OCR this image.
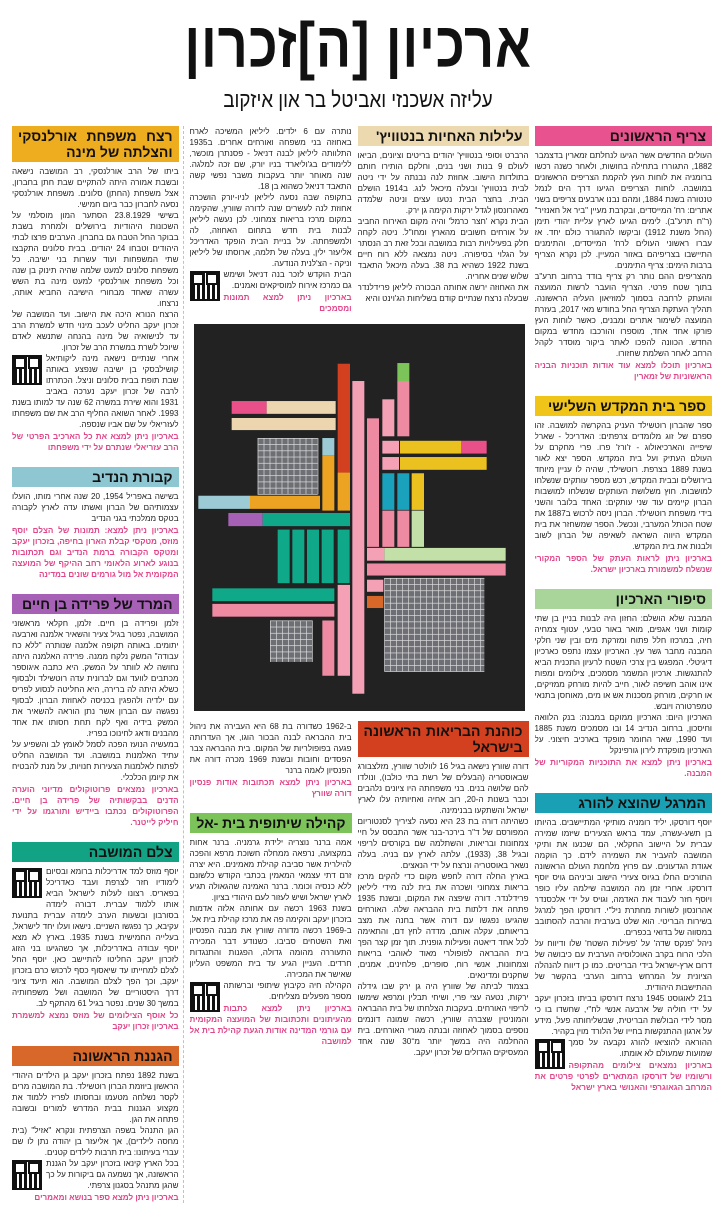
ארכיון [ה]זכרון
עליזה אשכנזי ואביטל בר און איזקוב
צריף הראשונים

העולים החדשים אשר הגיעו לנחלתם זמארין בדצמבר 1882, התגוררו בתחילה בחושות, ולאחר כשנה רכשו ברומניה את לוחות העץ להקמת הצריפים הראשונים במושבה. לוחות הצריפים הגיעו דרך הים לנמל טנטורה בשנת 1884, ומהם נבנו ארבעים צריפים בשני אתרים: רח' המייסדים, ובקרבת מעיין "ביר אל חאנזיר" (ר"ח תרע"ב). לימים הגיעו לארץ עליית יהודי תימן (החל משנת 1912) וביקשו להתגורר כולם יחד. אז עברו ראשוני העולים לרח' המייסדים, והתימנים התיישבו בצריפיהם באזור המעיין. לכן נקרא הצריף ברבות הימים: צריף התימנים.

מהצריפים ההם נותר רק צריף בודד ברחוב תרע"ב בתוך שטח פרטי. הצריף הועבר לרשות המועצה והועתק לרחבה בסמוך למוזיאון העליה הראשונה. תהליך העתקת הצריף החל בחודש מאי 2017, בעזרת המועצה לשימור אתרים ומבנים, כאשר לוחות העץ פורקו אחד אחד, מוספרו והורכבו מחדש במקום החדש. הכוונה להפכו לאתר ביקור מוסדר לקהל הרחב לאחר השלמת שחזורו.

בארכיון תוכלו למצא עוד אודות תוכניות הבניה הראשוניות של זמארין

ספר בית המקדש השלישי

ספר שהברון רוטשילד העניק בהקרשה למושבה. זהו ספרם של זוג מלומדים צרפתים: האדריכל - שארל שיפייה והארכיאולוג - ז'ורז' פרו. פרי מחקרם על העולם העתיק ועל בית המקדש. הספר יצא לאור בשנת 1889 בצרפת. רוטשילד, שהיה לו עניין מיוחד בירושלים ובבית המקדש, רכש מספר עותקים שנשלחו למושבות. חוץ משלושת העותקים שנשלחו למושבות הברון קיימים עוד שני עותקים: האחד בלובר והשני בידי משפחת רוטשילד. הברון ניסה לרכוש ב1887 את שטח הכותל המערבי, ונכשל. הספר שמשחזר את בית המקדש היווה השראה לשאיפה של הברון לשוב ולבנות את בית המקדש.

בארכיון ניתן לראות העתק של הספר המקורי שנשלח למשמורת בארכיון ישראל.

סיפורי הארכיון

המבנה שלא הושלם: החזון היה לבנות בניין בן שתי קומות ושני אגפים, מואר באור טבעי, עטוף צמחיה חיה, במרכזו חלל פתוח ומזרקת מים ובין שני חלקי המבנה מחבר גשר עץ. הארכיון עצמו נתפס כארכיון דיגיטלי. המפגש בין צרכי השטח לרעיון התכנית הביא להתנגשות. ארכיון המשמר מסמכים, צילומים ומפות אינו אוהב חשיפה לאור, חייב להיות מורחק ממזיקים, או חרקים, מורחק מסכנות אש או מים, מאוחסן בתנאי טמפרטורה ויובש.

הארכיון היום: הארכיון ממוקם במבנה: בנק הלוואה וחיסכון, ברחוב הנדיב 14 ובו מסמכים משנת 1885 ועד 1990, שאר החומר מופקד בארכיב חיצוני. על הארכיון מופקדת לירון גורפינקל

בארכיון ניתן למצא את התוכניות המקוריות של המבנה.

המרגל שהוצא להורג

יוסף דורסקו, יליד רומניה מותיקי המתיישבים. בהיותו בן תשע-עשרה, עמד בראש הצעירים שיזמו שמירה עברית על היישוב החקלאי, הם שכנעו את ותיקי המושבה להעביר את השמירה לידם. כך הוקמה אגודת הגדעונים. עם פרוץ מלחמת העולם הראשונה התורכים החלו בגיוס צעירי הישוב וביניהם גויס יוסף דורסקו. אחרי זמן מה המושבה שילמה עליו כופר ויוסף חזר לעבוד את האדמה, וגויס על ידי אלכסנדר אהרונסון לשורות מחתרת ניל"י. דורסקו הפך למרגל בשירות הבריטי. הוא שלט בערבית והרבה להסתובב במסווה של בדואי בכפרים.

ניהל 'פנקס שדה' על 'פעילות השטח' שלו ודיווח על הלכי הרוח בקרב האוכלוסיה הערבית עם כיבושה של דרום ארץ-ישראל בידי הבריטים. כמו כן דיווח להנהלה הציונית על המרחש ברחוב הערבי בהקשר של ההתישבות היהודית.

ב21 לאוגוסט 1945 נרצח דורסקו בביתו בזכרון יעקב על ידי חוליה של ארבעה אנשי לח"י, שחשדו בו כי מסר לידי הבולשת הבריטית, שבשליחותה פעל, מידע על ארגון ההתנקשות בחייו של הלורד מוין בקהיר.

ההוראה להוציאו להורג נקבעה על סמך שמועות שמעולם לא אומתו.

בארכיון נמצאים צילומים מהתקופה ורשומיו של דורסקו המתארים לפרטי פרטים את המרחב הגאוגרפי והאנושי בארץ ישראל

עלילות האחיות בנטוויץ'

הרברט וסופי בנטוויץ' יהודים בריטים וציונים, הביאו לעולם 9 בנות ושני בנים, וחלקם הותירו חותם בתולדות הישוב. אחוזת לנה נבנתה על ידי ניטה לבית בנטוויץ' ובעלה מיכאל לנג. ב1914 הושלם הבית. בחצר הבית נטעו עצים וניטה שלמדה מאהרונסון לגדל ירקות הקימה גן ירק.

הבית נקרא 'חצר כרמל' והיה מקום האירוח החביב על אורחים חשובים מהארץ ומחו"ל. ניטה לקחה חלק בפעילויות רבות במושבה ובכל זאת רב הנסתר על הגלוי בסיפורה. ניטה נמצאה ללא רוח חיים בשנת 1922 כשהיא בת 38. בעלה מיכאל התאבד שלוש שנים אחריה.

את האחוזה ירשה אחותה הבכורה ליליאן פרידלנדר שבעלה נרצח שנתיים קודם בשליחות הג'וינט והיא

נותרה עם 6 ילדים. ליליאן המשיכה לארח באחוזה בני משפחה ואורחים אחרים. ב1935 התלוותה ליליאן לבנה דניאל - פסנתרן מוכשר, ללימודים בג'וליארד בניו יורק, שם זכה למלגה. שנה מאוחר יותר בעקבות משבר נפשי קשה התאבד דניאל כשהוא בן 18.

בתקופה שבה נסעה ליליאן לניו-יורק הושכרה אחוזת לנה לעשרים שנה לדורה שוורץ, שהקימה במקום מרכז בריאות צמחוני. לכן נעשה ליליאן לבנות בית חדש בתחום האחוזה, לה ולמשפחתה. על בניית הבית הופקד האדריכל אליעזר ילין, בעלה של תלמה, ארוסתו של ליליאן וניקה - הצ'לנית הנודעה.

הבית הוקדש לזכר בנה דניאל ושימש גם כמרכז אירוח למוסיקאים ואמנים.

בארכיון ניתן למצא תמונות ומסמכים

כוהנת הבריאות הראשונה בישראל

דורה שוורץ נישאה בגיל 16 לוולטר שוורץ, מזלצבורג שבאוסטריה (הבעלים של רשת בתי כולבו), ונולדו להם שלושה בנים. בני משפחתה היו ציונים נלהבים וכבר בשנות ה-20, רוב אחיה ואחיותיה עלו לארץ ישראל והשתקעו בבנימינה.

כשהיתה דורה בת 23 היא נסעה לציריך לסנטוריום המפורסם של ד"ר בירכר-בנר אשר התבסס על חיי צמחונות ובריאות, והשתלמה שם בקורסים לריפוי ובגיל 38, (1933), עלתה לארץ עם בניה. בעלה נשאר באוסטריה ונרצח על ידי הנאצים.

בארץ החלה דורה לחפש מקום כדי להקים מרכז בריאות צמחוני ושכרה את בית לנה מידי ליליאן פרידלנדר. דורה שיפצה את המקום, ובשנת 1935 פתחה את דלתות בית ההבראה שלה. האורחים שהגיעו נפגשו עם דורה אשר בחנה את מצב בריאותם, עקלה אותם, מדדה לחץ דם, והתאימה לכל אחד דיאטה ופעילות גופנית. תוך זמן קצר הפך בית ההבראה לפופולרי מאוד לאוהבי בריאות וצמחונות, אנשי רוח, סופרים, פלחינים, אמנים, שחקנים ומדינאים.

בצמוד לביתה של שוורץ היה גן ירק שבו גידלה ירקות, נטעה עצי פרי, ושיחי תבלין ומרפא שימשו לריפוי האורחים. בעקבות הצלחתו של בית ההבראה והמוניטין שצברה שוורץ, רכשה שמונה דונמים נוספים בסמוך לאחוזה ובנתה מגורי האורחים. בית ההחלמה היה במשך יותר מ־30 שנה אחד המעסיקים הגדולים של זכרון יעקב.

ב-1962 כשדורה בת 68 היא העבירה את ניהול בית ההבראה לבנה הבכור הוגו, אך העדרותה פגעה בפופולריות של המקום. בית ההבראה צבר הפסדים וחובות ובשנת 1969 מכרה דורה את הפנסיון לאמה ברנר

בארכיון ניתן למצא תכתובות אודות פנסיון דורה שוורץ

קהילה שיתופית בית -אל

אמה ברנר נוצריה ילידת גרמניה. ברנר אחות במקצועה, נרפאה ממחלה חשוכת מרפא והפכה להילרית אשר סביבה קהילת מאמינים. היא יצרה זרם דתי עצמאי המאמין בכתבי הקודש כלשונם ללא כנסיה וכומר. ברנר האמינה שהגאולה תגיע לארץ ישראל ושיש לעזור לעם היהודי בציון.

בשנת 1963 רכשה עם אחותה אלזה אדמות בזכרון יעקב והקימה פה את מרכז קהילת בית אל.

ב-1969 רכשה מדורה שוורץ את מבנה הפנסיון ואת השטחים סביבו. כשנודע דבר המכירה התעוררה מהומה גדולה, הפגנות והתנגדות חרדים. העניין הגיע עד בית המשפט העליון שאישר את המכירה.

הקהילה חיה כקיבוץ שיתופי וברשותה מספר מפעלים מצליחים.

בארכיון ניתן למצא כתבות מהעיתונים ותכתובות של המועצה המקומית עם גורמי המדינה אודות הגעת קהילת בית אל למושבה

רצח משפחת אורלנסקי והצלתה של מינה

ביתו של הרב אורלנסקי, רב המושבה נישאה ובשבת אמורה היתה להתקיים שבת חתן בחברון, אצל משפחת (החתן) סלונים. משפחת אורלנסקי נסעה לחברון כבר ביום חמישי.

בשישי 23.8.1929 הסתער המון מוסלמי על השכונות היהודיות בירושלים ולמחרת בשבת בבוקר החל הטבח גם בחברון. הערבים פרצו לבתי היהודים וטבחו 24 יהודים. בבית סלונים התקבצו שתי המשפחות ועוד עשרות בני ישיבה. כל משפחת סלונים למעט שלמה שהיה תינוק בן שנה וכל משפחת אורלנסקי למעט מינה בת השש עשרה שאחד מבחורי הישיבה החביא אותה, נרצחו.

הרצח הנורא היכה את הישוב. ועד המושבה של זכרון יעקב החליט לעכב מינוי חדש למשרת הרב עד לנישואיה של מינה בהנחה שתנשא לאדם שיוכל לשרת במשרת הרב של זכרון.

אחרי שנתיים נישאה מינה ליקותיאל קושילבסקי בן ישיבה שנפצע באותה שבת תופת בבית סלונים וניצל. הכתרתו לרבה של זכרון יעקב נערכה באביב 1931 והוא שירת במשרה 62 שנה עד למותו בשנת 1993. לאחר השואה החליף הרב את שם משפחתו לעזריאלי על שם אביו שנספה.

בארכיון ניתן למצא את כל הארכיב הפרטי של הרב עזריאלי שנתרם על ידי משפחתו

קבורת הנדיב

בשישה באפריל 1954, 20 שנה אחרי מותו, הועלו עצמותיהם של הברון ואשתו עדה לארץ לקבורה בטקס ממלכתי בגני הנדיב

בארכיון ניתן למצא: תמונות של הצלם יוסף מוזס, מטקסי קבלת הארון בחיפה, בזכרון יעקב ומטקס הקבורה ברמת הנדיב וגם תכתובות בנוגע לארוע הלאומי רחב ההיקף של המועצה המקומית אל מול גורמים שונים במדינה

המרד של פרידה בן חיים

זלמן ופרידה בן חיים. זלמן, חקלאי מראשוני המושבה, נפטר בגיל צעיר והשאיר אלמנה וארבעה יתומים. באותה תקופה אלמנה שנותרה "ללא כח עבודה" המשק נלקח ממנה. פרידה האלמנה היתה נחושה לא לוותר על המשק. היא כתבה איגוספר מכתבים לוועד וגם לברונית עדה רוטשילד ולבסוף כשלא היתה לה ברירה, היא החליטה לנסוע לפריס עם ילדיה ולהפגין בכניסה לאחוזת הברון. לבסוף נפגשה עם הברון אשר נתן הוראה להשאיר את המשק בידיה ואף לקח תחת חסותו את אחד מהבנים ודאג לחינוכו בפריז.

במעשיה הנועז הפכה לסמל לאומץ לב והשפיע על עתיד האלמנות במושבה. ועד המושבה החליט לפתוח לאלמנות הצעירות חנויות, על מנת להבטיח את קיומן הכלכלי.

בארכיון נמצאים פרוטוקולים מדיוני הוערה הדנים בבקשותיה של פרידה בן חיים. הפרוטוקולים נכתבו ביידיש ותורגמו על ידי חיליק לייטנר.

צלם המושבה

יוסף מוזס למד אדריכלות ברומא ובסיום לימודיו חזר לצרפת ועבד כאדריכל בפאריס. רצונו לעלות לישראל הביא אותו ללמוד עברית. דבורה לימדה בסורבון ובשעות הערב לימדה עברית בתנועת עקיבא, כך נפגשו השניים. נישאו ועלו יחד לישראל, בעלייה החמישית בשנת 1935. בארץ לא מצא יוסף עבודה באדריכלות, אך כשהגיעו בני הזוג לזכרון יעקב החליטו להתיישב כאן. יוסף החל לצלם למחייתו עד שיאסוף כסף לרכוש כרם בזכרון יעקב, וכך הפך לצלם המושבה. הוא תיעד ציוני דרך היסטוריים של המושבה ושל משפחותיה במשך 30 שנים. נפטר בגיל 61 מהתקף לב.

כל אוסף הצילומים של מוזס נמצא למשמרת בארכיון זכרון יעקב

הגננת הראשונה

בשנת 1892 נפתח בזכרון יעקב גן הילדים היהודי הראשון ביוזמת הברון רוטשילד. בת המושבה מרים לקסר נשלחה מטעמו ובחסותו לפריז ללמוד את מקצוע הגננות בבית המדרש למורים ובשובה פתחה את הגן.

הגן התנהל בשפה הצרפתית ונקרא "אזיל" (בית מחסה לילדים), אך אליעזר בן יהודה נתן לו שם עברי בעיתונו: בית תרבות לילדים קטנים.

בכל הארץ קינאו בזכרון יעקב על הגננת הראשונה, אך נשמעה גם ביקורות על כך שהגן מתנהל בסגנון צרפתי.

בארכיון ניתן למצא ספר בנושא ומאמרים
